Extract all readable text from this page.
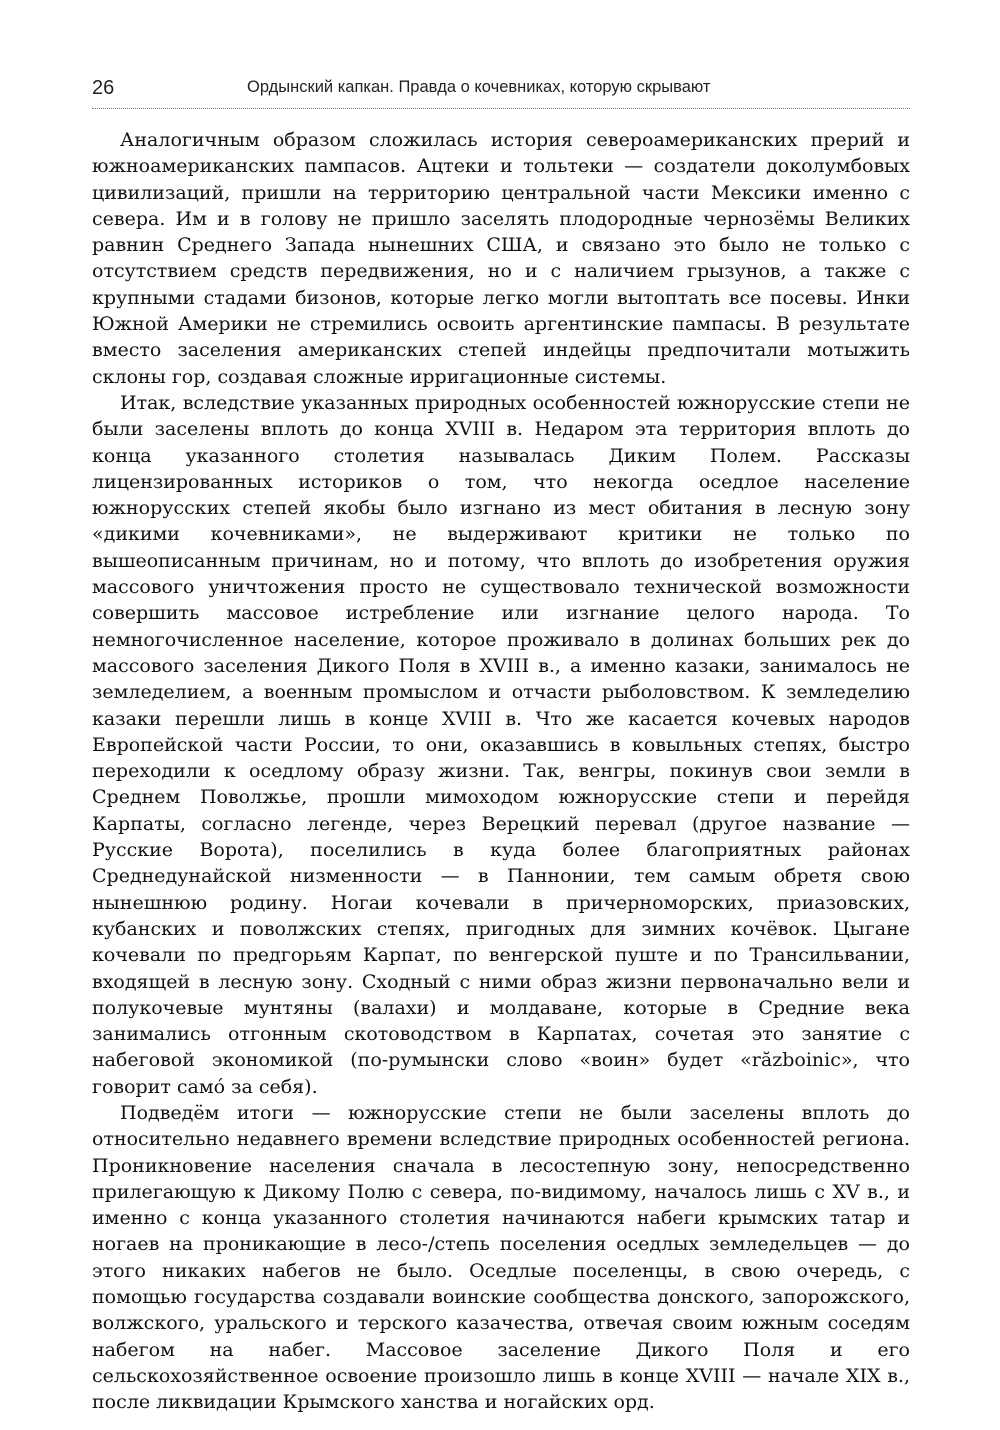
26	Ордынский капкан. Правда о кочевниках, которую скрывают

Аналогичным образом сложилась история североамериканских прерий и южноамериканских пампасов. Ацтеки и тольтеки — создатели доколумбовых цивилизаций, пришли на территорию центральной части Мексики именно с севера. Им и в голову не пришло заселять плодородные чернозёмы Великих равнин Среднего Запада нынешних США, и связано это было не только с отсутствием средств передвижения, но и с наличием грызунов, а также с крупными стадами бизонов, которые легко могли вытоптать все посевы. Инки Южной Америки не стремились освоить аргентинские пампасы. В результате вместо заселения американских степей индейцы предпочитали мотыжить склоны гор, создавая сложные ирригационные системы.

Итак, вследствие указанных природных особенностей южнорусские степи не были заселены вплоть до конца XVIII в. Недаром эта территория вплоть до конца указанного столетия называлась Диким Полем. Рассказы лицензированных историков о том, что некогда оседлое население южнорусских степей якобы было изгнано из мест обитания в лесную зону «дикими кочевниками», не выдерживают критики не только по вышеописанным причинам, но и потому, что вплоть до изобретения оружия массового уничтожения просто не существовало технической возможности совершить массовое истребление или изгнание целого народа. То немногочисленное население, которое проживало в долинах больших рек до массового заселения Дикого Поля в XVIII в., а именно казаки, занималось не земледелием, а военным промыслом и отчасти рыболовством. К земледелию казаки перешли лишь в конце XVIII в. Что же касается кочевых народов Европейской части России, то они, оказавшись в ковыльных степях, быстро переходили к оседлому образу жизни. Так, венгры, покинув свои земли в Среднем Поволжье, прошли мимоходом южнорусские степи и перейдя Карпаты, согласно легенде, через Верецкий перевал (другое название — Русские Ворота), поселились в куда более благоприятных районах Среднедунайской низменности — в Паннонии, тем самым обретя свою нынешнюю родину. Ногаи кочевали в причерноморских, приазовских, кубанских и поволжских степях, пригодных для зимних кочёвок. Цыгане кочевали по предгорьям Карпат, по венгерской пуште и по Трансильвании, входящей в лесную зону. Сходный с ними образ жизни первоначально вели и полукочевые мунтяны (валахи) и молдаване, которые в Средние века занимались отгонным скотоводством в Карпатах, сочетая это занятие с набеговой экономикой (по-румынски слово «воин» будет «războinic», что говорит само́ за себя).

Подведём итоги — южнорусские степи не были заселены вплоть до относительно недавнего времени вследствие природных особенностей региона. Проникновение населения сначала в лесостепную зону, непосредственно прилегающую к Дикому Полю с севера, по-видимому, началось лишь с XV в., и именно с конца указанного столетия начинаются набеги крымских татар и ногаев на проникающие в лесо-/степь поселения оседлых земледельцев — до этого никаких набегов не было. Оседлые поселенцы, в свою очередь, с помощью государства создавали воинские сообщества донского, запорожского, волжского, уральского и терского казачества, отвечая своим южным соседям набегом на набег. Массовое заселение Дикого Поля и его сельскохозяйственное освоение произошло лишь в конце XVIII — начале XIX в., после ликвидации Крымского ханства и ногайских орд.
